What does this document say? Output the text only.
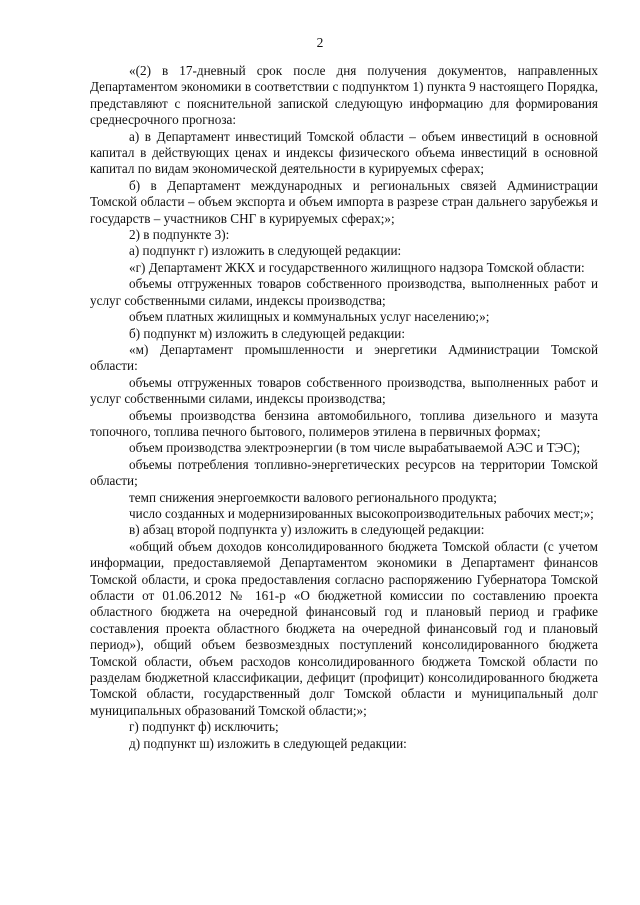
2

«(2) в 17-дневный срок после дня получения документов, направленных Департаментом экономики в соответствии с подпунктом 1) пункта 9 настоящего Порядка, представляют с пояснительной запиской следующую информацию для формирования среднесрочного прогноза:

а) в Департамент инвестиций Томской области – объем инвестиций в основной капитал в действующих ценах и индексы физического объема инвестиций в основной капитал по видам экономической деятельности в курируемых сферах;

б) в Департамент международных и региональных связей Администрации Томской области – объем экспорта и объем импорта в разрезе стран дальнего зарубежья и государств – участников СНГ в курируемых сферах;»;

2) в подпункте 3):

а) подпункт г) изложить в следующей редакции:

«г) Департамент ЖКХ и государственного жилищного надзора Томской области:

объемы отгруженных товаров собственного производства, выполненных работ и услуг собственными силами, индексы производства;

объем платных жилищных и коммунальных услуг населению;»;

б) подпункт м) изложить в следующей редакции:

«м) Департамент промышленности и энергетики Администрации Томской области:

объемы отгруженных товаров собственного производства, выполненных работ и услуг собственными силами, индексы производства;

объемы производства бензина автомобильного, топлива дизельного и мазута топочного, топлива печного бытового, полимеров этилена в первичных формах;

объем производства электроэнергии (в том числе вырабатываемой АЭС и ТЭС);

объемы потребления топливно-энергетических ресурсов на территории Томской области;

темп снижения энергоемкости валового регионального продукта;

число созданных и модернизированных высокопроизводительных рабочих мест;»;

в) абзац второй подпункта у) изложить в следующей редакции:

«общий объем доходов консолидированного бюджета Томской области (с учетом информации, предоставляемой Департаментом экономики в Департамент финансов Томской области, и срока предоставления согласно распоряжению Губернатора Томской области от 01.06.2012 № 161-р «О бюджетной комиссии по составлению проекта областного бюджета на очередной финансовый год и плановый период и графике составления проекта областного бюджета на очередной финансовый год и плановый период»), общий объем безвозмездных поступлений консолидированного бюджета Томской области, объем расходов консолидированного бюджета Томской области по разделам бюджетной классификации, дефицит (профицит) консолидированного бюджета Томской области, государственный долг Томской области и муниципальный долг муниципальных образований Томской области;»;

г) подпункт ф) исключить;

д) подпункт ш) изложить в следующей редакции:
